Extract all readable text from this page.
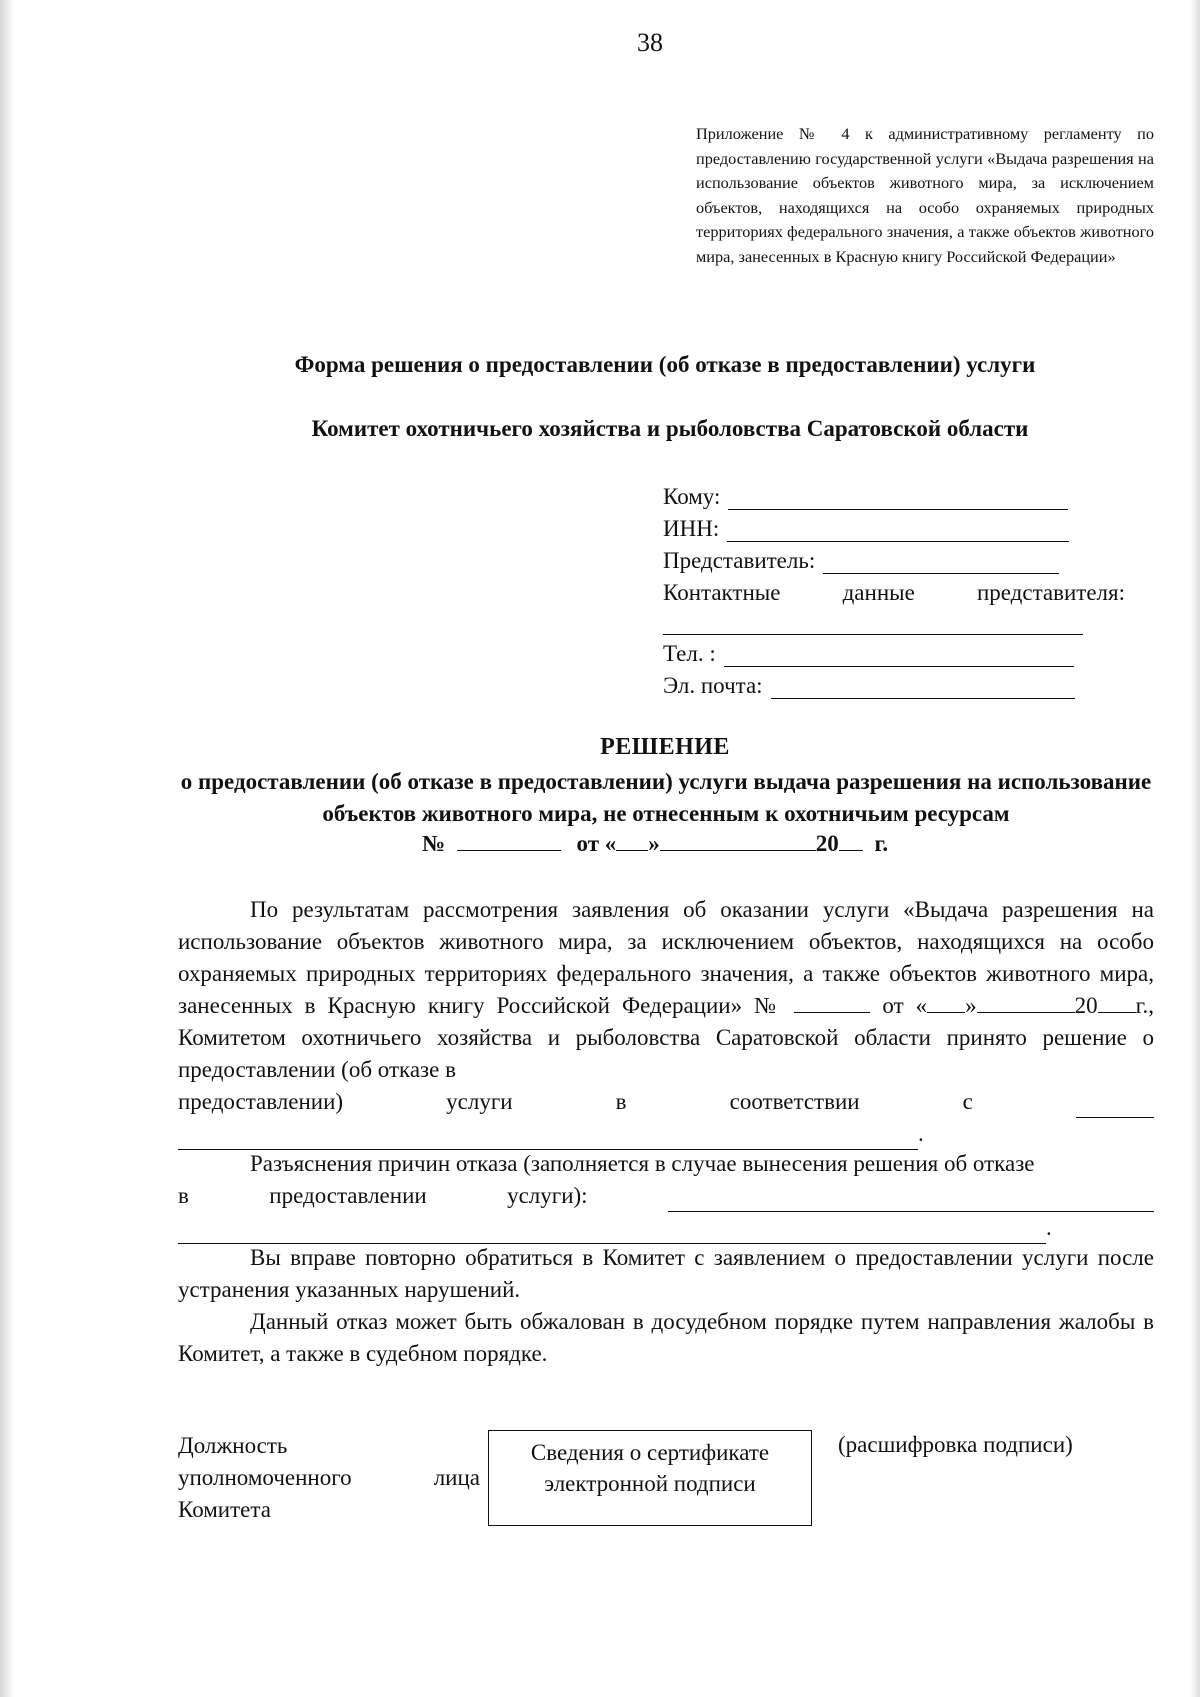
38
Приложение № 4 к административному регламенту по предоставлению государственной услуги «Выдача разрешения на использование объектов животного мира, за исключением объектов, находящихся на особо охраняемых природных территориях федерального значения, а также объектов животного мира, занесенных в Красную книгу Российской Федерации»
Форма решения о предоставлении (об отказе в предоставлении) услуги
Комитет охотничьего хозяйства и рыболовства Саратовской области
Кому:
ИНН:
Представитель:
Контактные	данные	представителя:
Тел. :
Эл. почта:
РЕШЕНИЕ
о предоставлении (об отказе в предоставлении) услуги выдача разрешения на использование объектов животного мира, не отнесенным к охотничьим ресурсам
№	от « »	20 г.
По результатам рассмотрения заявления об оказании услуги «Выдача разрешения на использование объектов животного мира, за исключением объектов, находящихся на особо охраняемых природных территориях федерального значения, а также объектов животного мира, занесенных в Красную книгу Российской Федерации» №	от « »	20 г., Комитетом охотничьего хозяйства и рыболовства Саратовской области принято решение о предоставлении (об отказе в
предоставлении)	услуги	в	соответствии	с
.
Разъяснения причин отказа (заполняется в случае вынесения решения об отказе
в	предоставлении	услуги):
.
Вы вправе повторно обратиться в Комитет с заявлением о предоставлении услуги после устранения указанных нарушений.
Данный отказ может быть обжалован в досудебном порядке путем направления жалобы в Комитет, а также в судебном порядке.
Должность
уполномоченного	лица
Комитета
Сведения о сертификате
электронной подписи
(расшифровка подписи)
